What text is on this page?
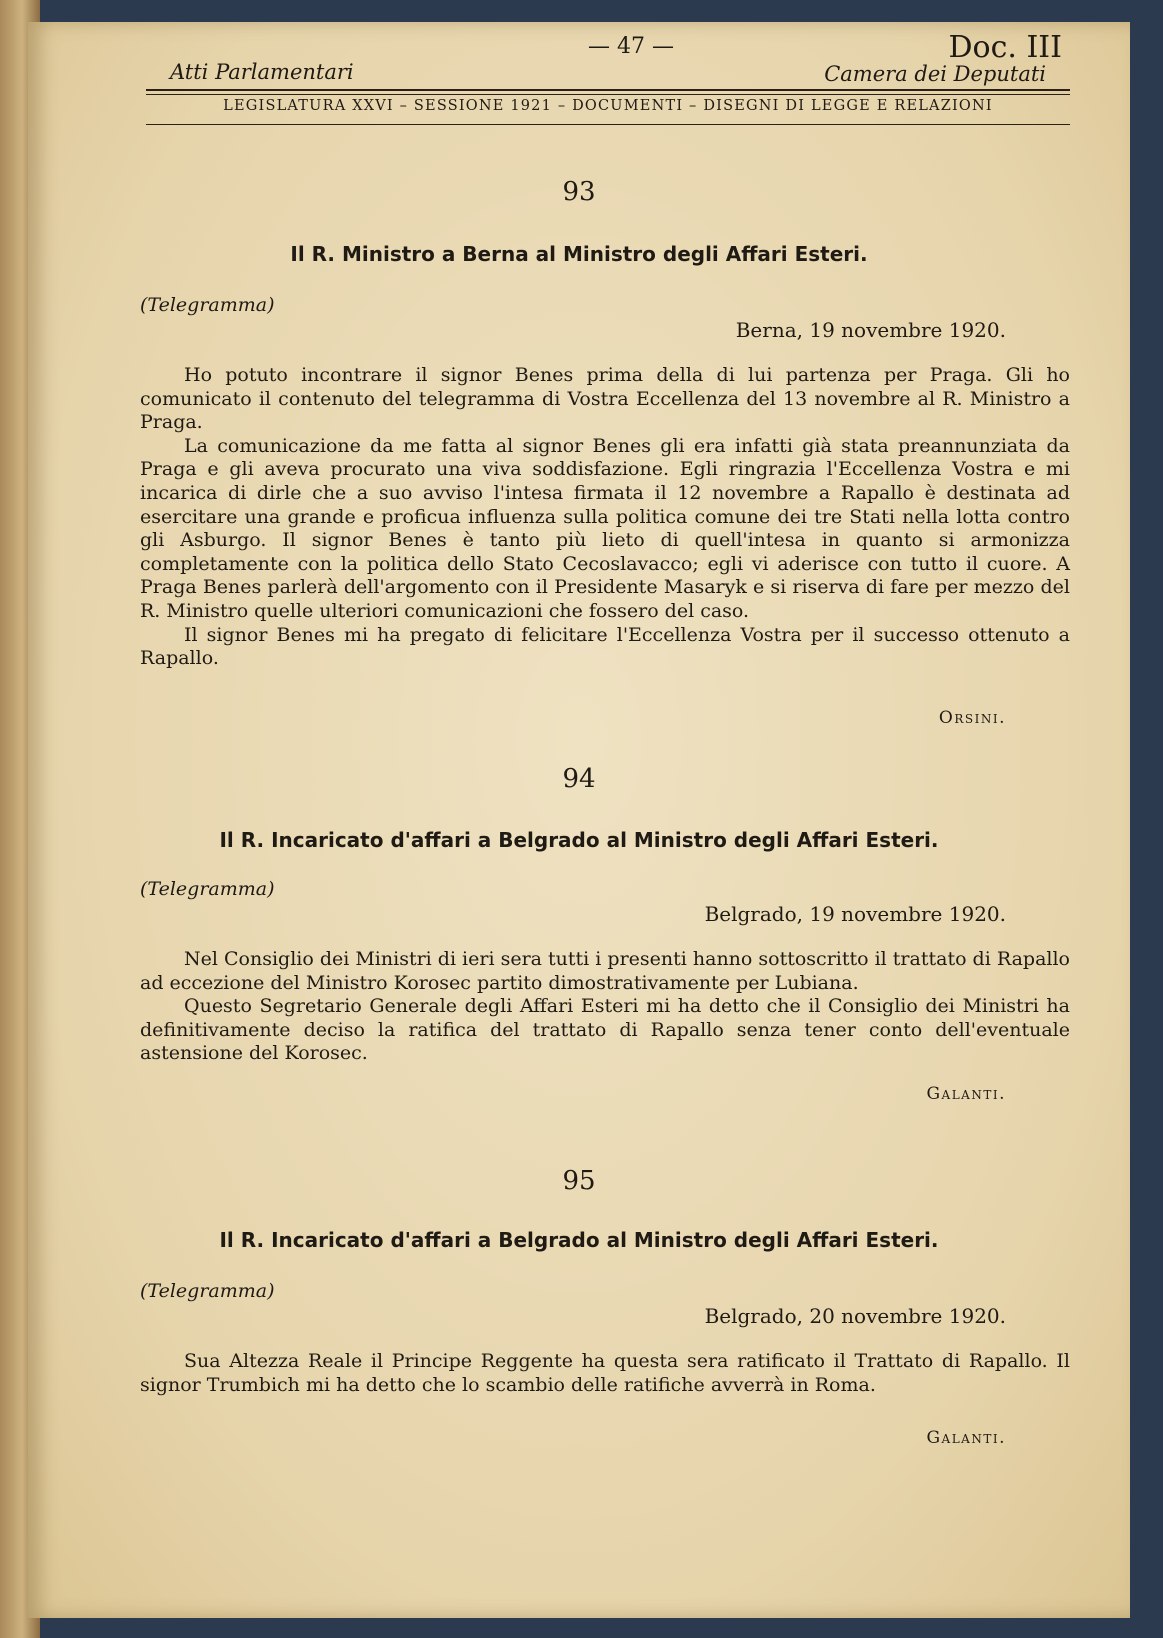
— 47 —	Doc. III
Atti Parlamentari	Camera dei Deputati
LEGISLATURA XXVI – SESSIONE 1921 – DOCUMENTI – DISEGNI DI LEGGE E RELAZIONI
93
Il R. Ministro a Berna al Ministro degli Affari Esteri.
(Telegramma)
Berna, 19 novembre 1920.

Ho potuto incontrare il signor Benes prima della di lui partenza per Praga. Gli ho comunicato il contenuto del telegramma di Vostra Eccellenza del 13 novembre al R. Ministro a Praga.

La comunicazione da me fatta al signor Benes gli era infatti già stata preannunziata da Praga e gli aveva procurato una viva soddisfazione. Egli ringrazia l'Eccellenza Vostra e mi incarica di dirle che a suo avviso l'intesa firmata il 12 novembre a Rapallo è destinata ad esercitare una grande e proficua influenza sulla politica comune dei tre Stati nella lotta contro gli Asburgo. Il signor Benes è tanto più lieto di quell'intesa in quanto si armonizza completamente con la politica dello Stato Cecoslavacco; egli vi aderisce con tutto il cuore. A Praga Benes parlerà dell'argomento con il Presidente Masaryk e si riserva di fare per mezzo del R. Ministro quelle ulteriori comunicazioni che fossero del caso.

Il signor Benes mi ha pregato di felicitare l'Eccellenza Vostra per il successo ottenuto a Rapallo.

Orsini.
94
Il R. Incaricato d'affari a Belgrado al Ministro degli Affari Esteri.
(Telegramma)
Belgrado, 19 novembre 1920.

Nel Consiglio dei Ministri di ieri sera tutti i presenti hanno sottoscritto il trattato di Rapallo ad eccezione del Ministro Korosec partito dimostrativamente per Lubiana.

Questo Segretario Generale degli Affari Esteri mi ha detto che il Consiglio dei Ministri ha definitivamente deciso la ratifica del trattato di Rapallo senza tener conto dell'eventuale astensione del Korosec.

Galanti.
95
Il R. Incaricato d'affari a Belgrado al Ministro degli Affari Esteri.
(Telegramma)
Belgrado, 20 novembre 1920.

Sua Altezza Reale il Principe Reggente ha questa sera ratificato il Trattato di Rapallo. Il signor Trumbich mi ha detto che lo scambio delle ratifiche avverrà in Roma.

Galanti.
